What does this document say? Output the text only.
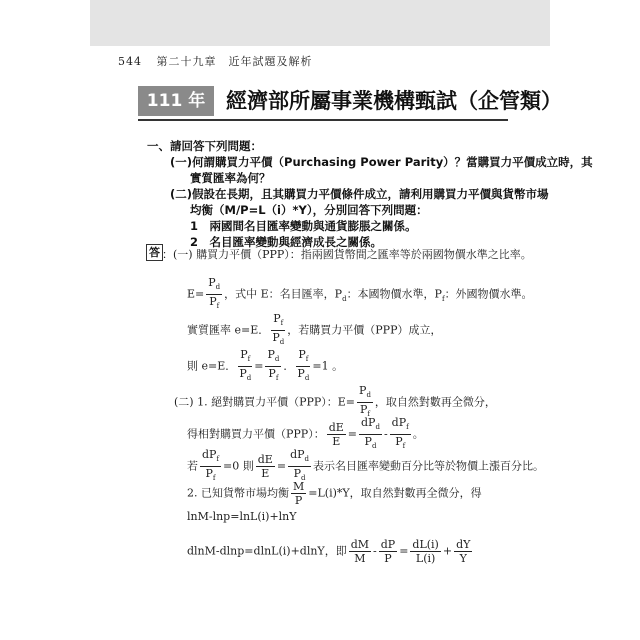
544 第二十九章　近年試題及解析
111 年 經濟部所屬事業機構甄試（企管類）
一、請回答下列問題：
(一)何謂購買力平價（Purchasing Power Parity）？當購買力平價成立時，其
實質匯率為何？
(二)假設在長期，且其購買力平價條件成立，請利用購買力平價與貨幣市場
均衡（M/P=L（i）*Y），分別回答下列問題：
1　兩國間名目匯率變動與通貨膨脹之關係。
2　名目匯率變動與經濟成長之關係。
答 ：(一) 購買力平價（PPP）：指兩國貨幣間之匯率等於兩國物價水準之比率。
$E= \frac{P_d}{P_f}$ ，式中 E：名目匯率，$P_d$：本國物價水準，$P_f$：外國物價水準。
實質匯率 e=E． $\frac{P_f}{P_d}$ ，若購買力平價（PPP）成立，
則 e=E． $\frac{P_f}{P_d} = \frac{P_d}{P_f}$ ． $\frac{P_f}{P_d} =1$ 。
(二) 1. 絕對購買力平價（PPP）：$E= \frac{P_d}{P_f}$ ，取自然對數再全微分，
得相對購買力平價（PPP）： $\frac{dE}{E}$ =
$dP_d$
$P_d$
-
$dP_f$
$P_f$
。
若
$dP_f$
$P_f$
=0 則 $\frac{dE}{E}$ =
$dP_d$
$P_d$
表示名目匯率變動百分比等於物價上漲百分比。
2. 已知貨幣市場均衡 $\frac{M}{P} =L(i)*Y$，取自然對數再全微分，得
lnM-lnp=lnL(i)+lnY
dlnM-dlnp=dlnL(i)+dlnY，即 $\frac{dM}{M} - \frac{dP}{P} = \frac{dL(i)}{L(i)} + \frac{dY}{Y}$
